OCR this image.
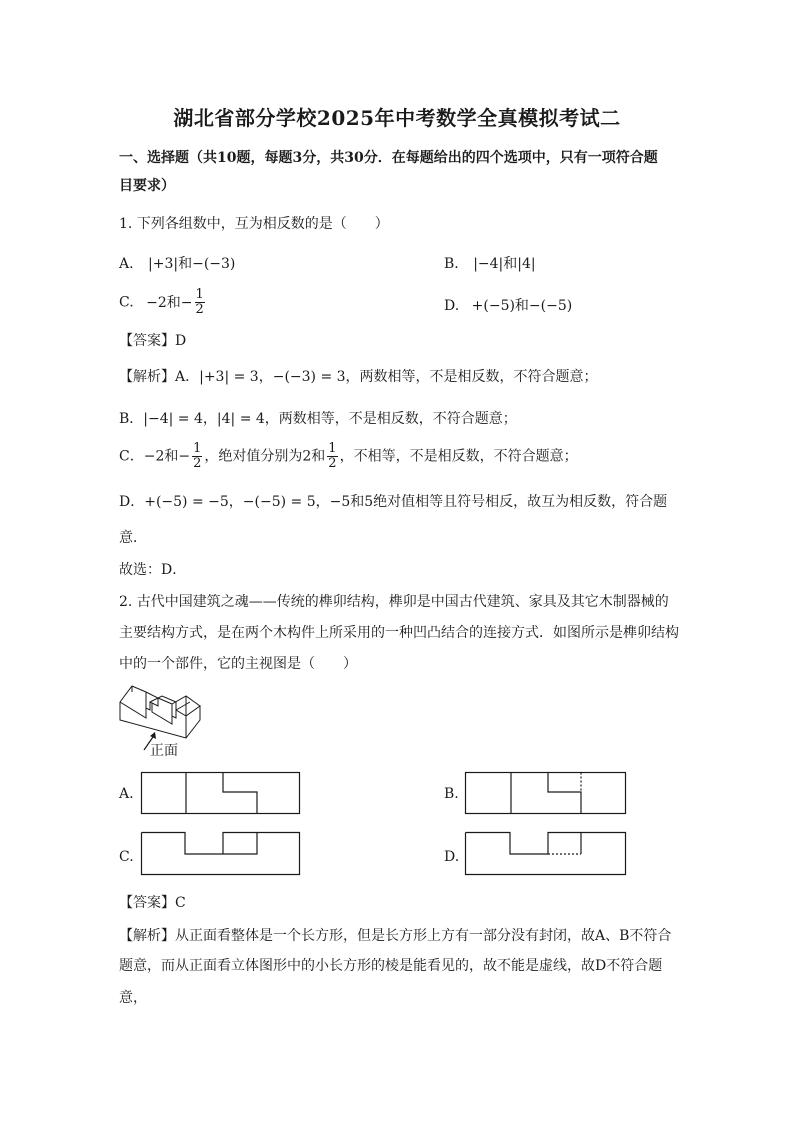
湖北省部分学校2025年中考数学全真模拟考试二
一、选择题（共10题，每题3分，共30分．在每题给出的四个选项中，只有一项符合题
目要求）
1. 下列各组数中，互为相反数的是（　　）
A. |+3|和−(−3)	B. |−4|和|4|
C. −2和− $\frac{1}{2}$	D. +(−5)和−(−5)
【答案】D
【解析】A．|+3| = 3，−(−3) = 3，两数相等，不是相反数，不符合题意；
B．|−4| = 4，|4| = 4，两数相等，不是相反数，不符合题意；
C．−2和− $\frac{1}{2}$ ，绝对值分别为2和 $\frac{1}{2}$ ，不相等，不是相反数，不符合题意；
D．+(−5) = −5，−(−5) = 5，−5和5绝对值相等且符号相反，故互为相反数，符合题
意．
故选：D．
2. 古代中国建筑之魂——传统的榫卯结构，榫卯是中国古代建筑、家具及其它木制器械的
主要结构方式，是在两个木构件上所采用的一种凹凸结合的连接方式．如图所示是榫卯结构
中的一个部件，它的主视图是（　　）
正面
A.	B.
C.	D.
【答案】C
【解析】从正面看整体是一个长方形，但是长方形上方有一部分没有封闭，故A、B不符合
题意，而从正面看立体图形中的小长方形的棱是能看见的，故不能是虚线，故D不符合题
意，
